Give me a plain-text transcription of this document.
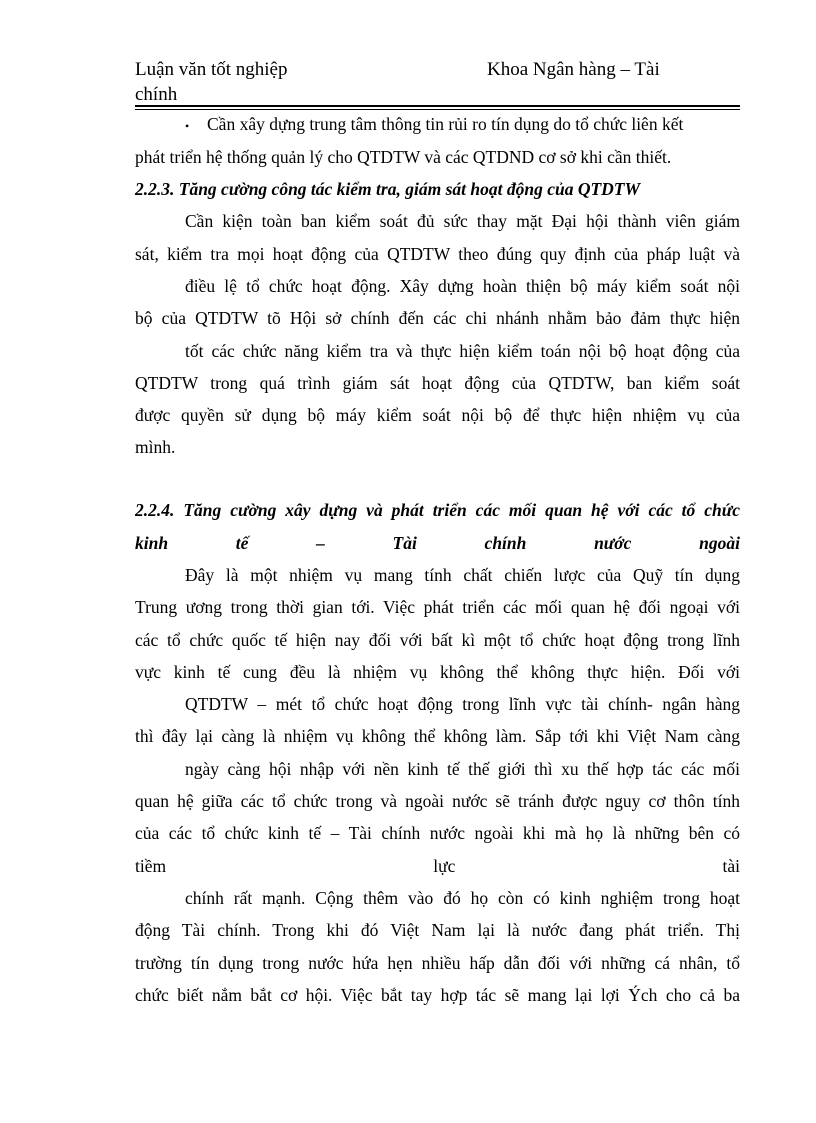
Luận văn tốt nghiệp	Khoa Ngân hàng – Tài
chính
• Cần xây dựng trung tâm thông tin rủi ro tín dụng do tổ chức liên kết
phát triển hệ thống quản lý cho QTDTW và các QTDND cơ sở khi cần thiết.
2.2.3. Tăng cường công tác kiểm tra, giám sát hoạt động của QTDTW
Cần kiện toàn ban kiểm soát đủ sức thay mặt Đại hội thành viên giám
sát, kiểm tra mọi hoạt động của QTDTW theo đúng quy định của pháp luật và
điều lệ tổ chức hoạt động. Xây dựng hoàn thiện bộ máy kiểm soát nội
bộ của QTDTW tõ Hội sở chính đến các chi nhánh nhằm bảo đảm thực hiện
tốt các chức năng kiểm tra và thực hiện kiểm toán nội bộ hoạt động của
QTDTW trong quá trình giám sát hoạt động của QTDTW, ban kiểm soát
được quyền sử dụng bộ máy kiểm soát nội bộ để thực hiện nhiệm vụ của
mình.
2.2.4. Tăng cường xây dựng và phát triển các mối quan hệ với các tổ chức
kinh tế – Tài chính nước ngoài
Đây là một nhiệm vụ mang tính chất chiến lược của Quỹ tín dụng
Trung ương trong thời gian tới. Việc phát triển các mối quan hệ đối ngoại với
các tổ chức quốc tế hiện nay đối với bất kì một tổ chức hoạt động trong lĩnh
vực kinh tế cung đều là nhiệm vụ không thể không thực hiện. Đối với
QTDTW – mét tổ chức hoạt động trong lĩnh vực tài chính- ngân hàng
thì đây lại càng là nhiệm vụ không thể không làm. Sắp tới khi Việt Nam càng
ngày càng hội nhập với nền kinh tế thế giới thì xu thế hợp tác các mối
quan hệ giữa các tổ chức trong và ngoài nước sẽ tránh được nguy cơ thôn tính
của các tổ chức kinh tế – Tài chính nước ngoài khi mà họ là những bên có
tiềm lực tài
chính rất mạnh. Cộng thêm vào đó họ còn có kinh nghiệm trong hoạt
động Tài chính. Trong khi đó Việt Nam lại là nước đang phát triển. Thị
trường tín dụng trong nước hứa hẹn nhiều hấp dẫn đối với những cá nhân, tổ
chức biết nắm bắt cơ hội. Việc bắt tay hợp tác sẽ mang lại lợi Ých cho cả ba
